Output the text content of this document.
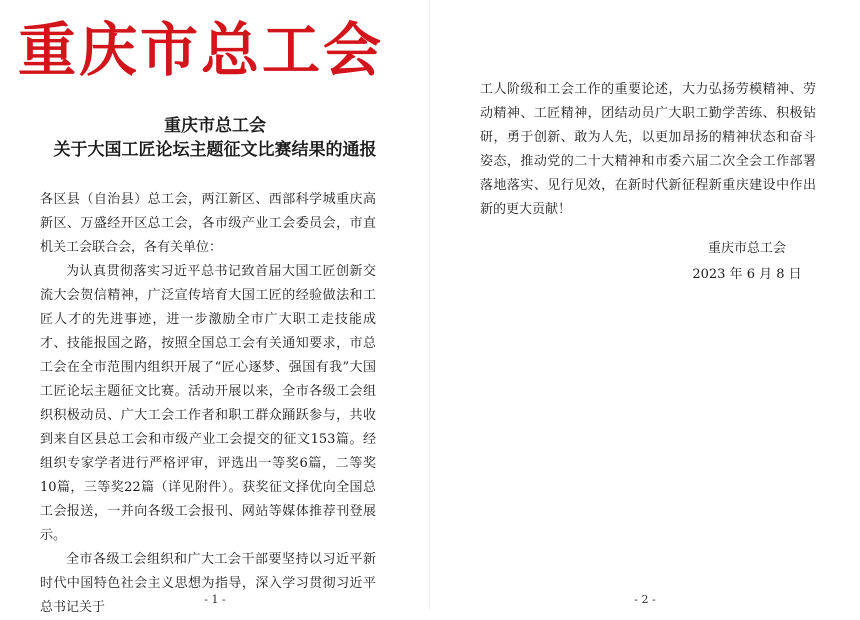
重庆市总工会
重庆市总工会
关于大国工匠论坛主题征文比赛结果的通报

各区县（自治县）总工会，两江新区、西部科学城重庆高新区、万盛经开区总工会，各市级产业工会委员会，市直机关工会联合会，各有关单位：

为认真贯彻落实习近平总书记致首届大国工匠创新交流大会贺信精神，广泛宣传培育大国工匠的经验做法和工匠人才的先进事迹，进一步激励全市广大职工走技能成才、技能报国之路，按照全国总工会有关通知要求，市总工会在全市范围内组织开展了“匠心逐梦、强国有我”大国工匠论坛主题征文比赛。活动开展以来，全市各级工会组织积极动员、广大工会工作者和职工群众踊跃参与，共收到来自区县总工会和市级产业工会提交的征文153篇。经组织专家学者进行严格评审，评选出一等奖6篇，二等奖10篇，三等奖22篇（详见附件）。获奖征文择优向全国总工会报送，一并向各级工会报刊、网站等媒体推荐刊登展示。

全市各级工会组织和广大工会干部要坚持以习近平新时代中国特色社会主义思想为指导，深入学习贯彻习近平总书记关于

- 1 -

工人阶级和工会工作的重要论述，大力弘扬劳模精神、劳动精神、工匠精神，团结动员广大职工勤学苦练、积极钻研，勇于创新、敢为人先，以更加昂扬的精神状态和奋斗姿态，推动党的二十大精神和市委六届二次全会工作部署落地落实、见行见效，在新时代新征程新重庆建设中作出新的更大贡献！

重庆市总工会
2023 年 6 月 8 日
- 2 -
